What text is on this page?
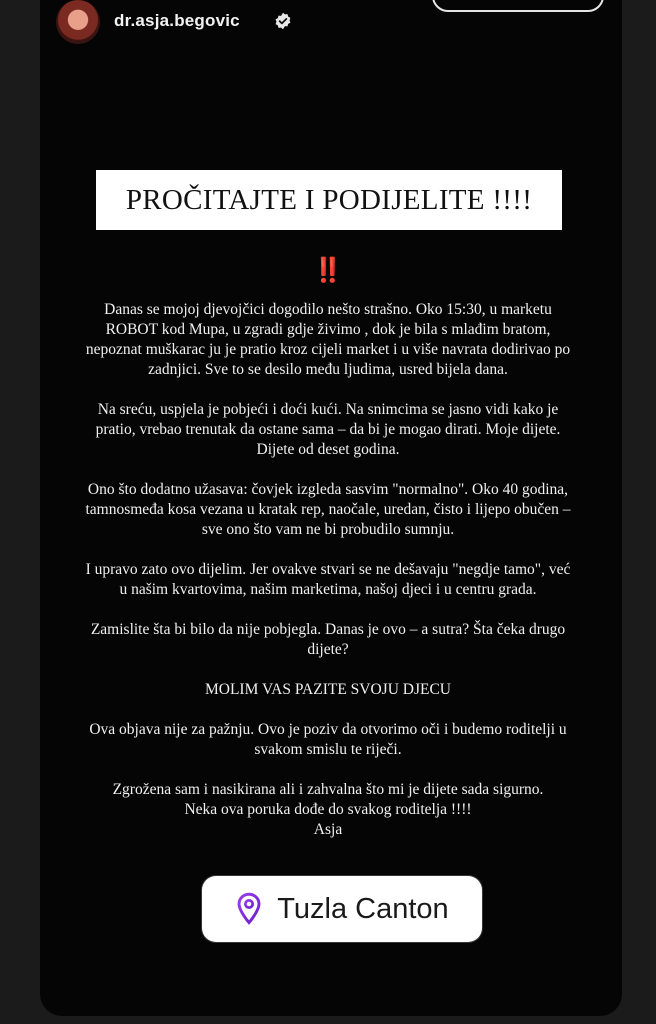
dr.asja.begovic
PROČITAJTE I PODIJELITE !!!!
‼️

Danas se mojoj djevojčici dogodilo nešto strašno. Oko 15:30, u marketu
ROBOT kod Mupa, u zgradi gdje živimo , dok je bila s mlađim bratom,
nepoznat muškarac ju je pratio kroz cijeli market i u više navrata dodirivao po
zadnjici. Sve to se desilo među ljudima, usred bijela dana.

Na sreću, uspjela je pobjeći i doći kući. Na snimcima se jasno vidi kako je
pratio, vrebao trenutak da ostane sama – da bi je mogao dirati. Moje dijete.
Dijete od deset godina.

Ono što dodatno užasava: čovjek izgleda sasvim "normalno". Oko 40 godina,
tamnosmeđa kosa vezana u kratak rep, naočale, uredan, čisto i lijepo obučen –
sve ono što vam ne bi probudilo sumnju.

I upravo zato ovo dijelim. Jer ovakve stvari se ne dešavaju "negdje tamo", već
u našim kvartovima, našim marketima, našoj djeci i u centru grada.

Zamislite šta bi bilo da nije pobjegla. Danas je ovo – a sutra? Šta čeka drugo
dijete?

MOLIM VAS PAZITE SVOJU DJECU

Ova objava nije za pažnju. Ovo je poziv da otvorimo oči i budemo roditelji u
svakom smislu te riječi.

Zgrožena sam i nasikirana ali i zahvalna što mi je dijete sada sigurno.
Neka ova poruka dođe do svakog roditelja !!!!
Asja

Tuzla Canton
